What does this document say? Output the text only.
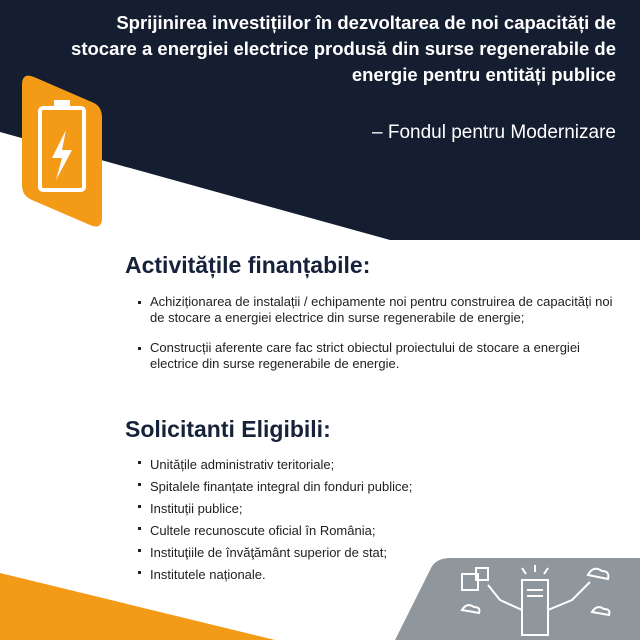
Sprijinirea investițiilor în dezvoltarea de noi capacități de stocare a energiei electrice produsă din surse regenerabile de energie pentru entități publice
– Fondul pentru Modernizare
Activitățile finanțabile:
Achiziționarea de instalații / echipamente noi pentru construirea de capacități noi de stocare a energiei electrice din surse regenerabile de energie;
Construcții aferente care fac strict obiectul proiectului de stocare a energiei electrice din surse regenerabile de energie.
Solicitanti Eligibili:
Unitățile administrativ teritoriale;
Spitalele finanțate integral din fonduri publice;
Instituții publice;
Cultele recunoscute oficial în România;
Instituţiile de învăţământ superior de stat;
Institutele naționale.
